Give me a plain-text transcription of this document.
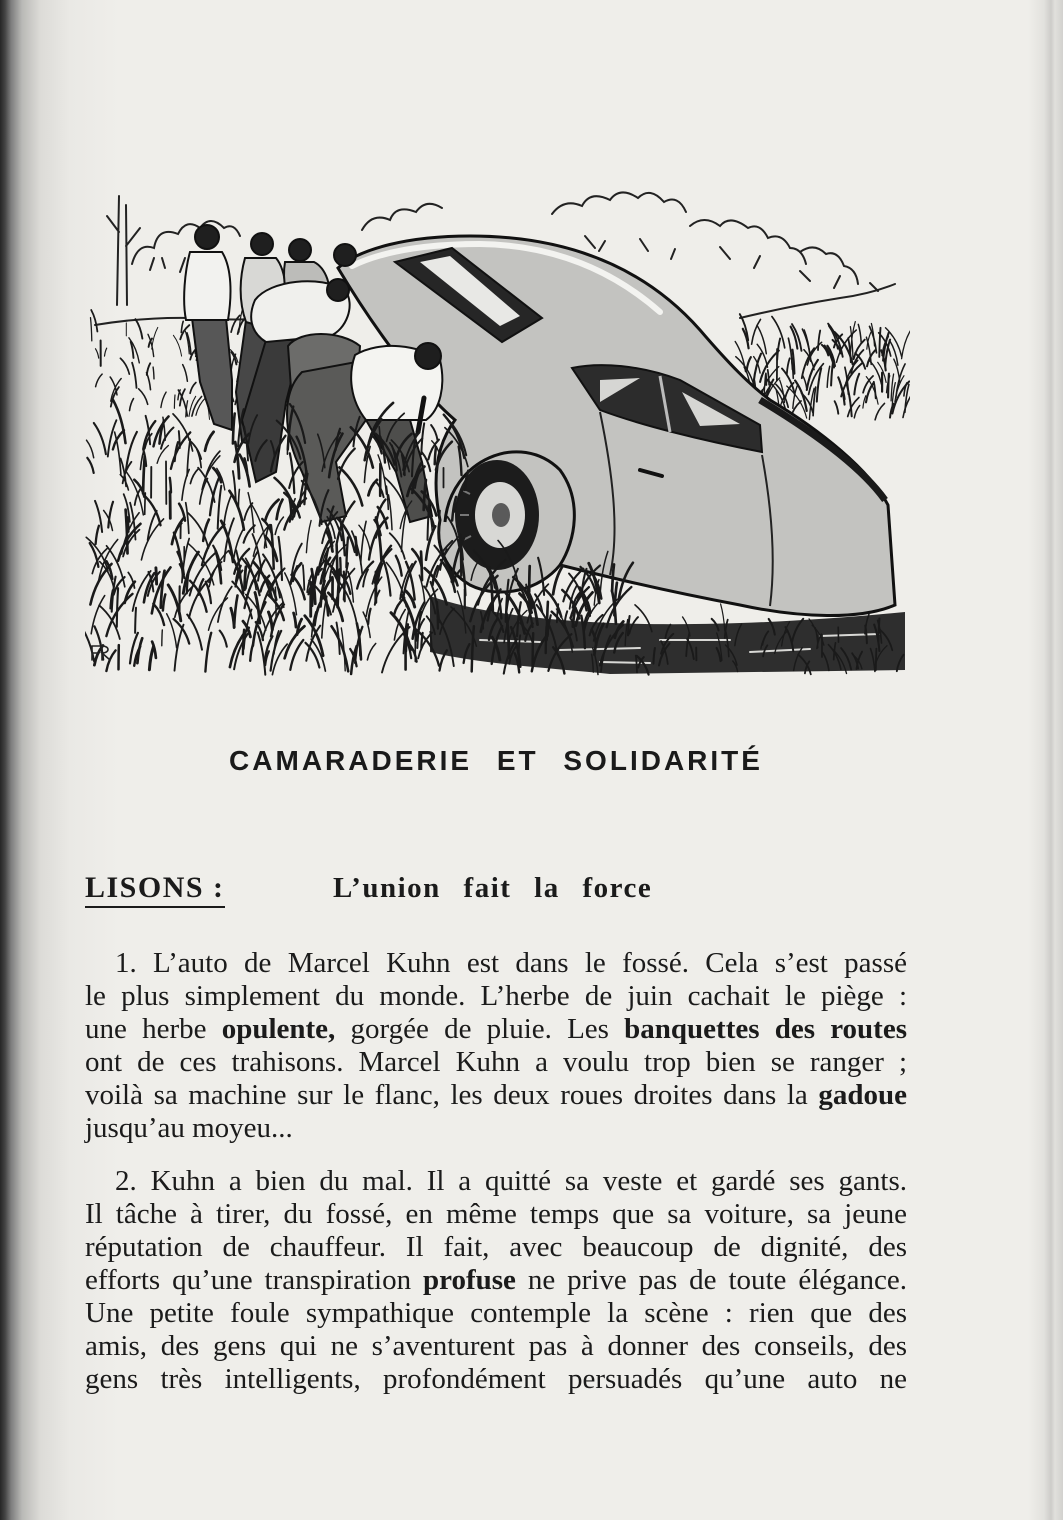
CAMARADERIE ET SOLIDARITÉ
LISONS :	L’union fait la force
1. L’auto de Marcel Kuhn est dans le fossé. Cela s’est passé
le plus simplement du monde. L’herbe de juin cachait le piège :
une herbe opulente, gorgée de pluie. Les banquettes des routes
ont de ces trahisons. Marcel Kuhn a voulu trop bien se ranger ;
voilà sa machine sur le flanc, les deux roues droites dans la gadoue
jusqu’au moyeu...
2. Kuhn a bien du mal. Il a quitté sa veste et gardé ses gants.
Il tâche à tirer, du fossé, en même temps que sa voiture, sa jeune
réputation de chauffeur. Il fait, avec beaucoup de dignité, des
efforts qu’une transpiration profuse ne prive pas de toute élégance.
Une petite foule sympathique contemple la scène : rien que des
amis, des gens qui ne s’aventurent pas à donner des conseils, des
gens très intelligents, profondément persuadés qu’une auto ne
